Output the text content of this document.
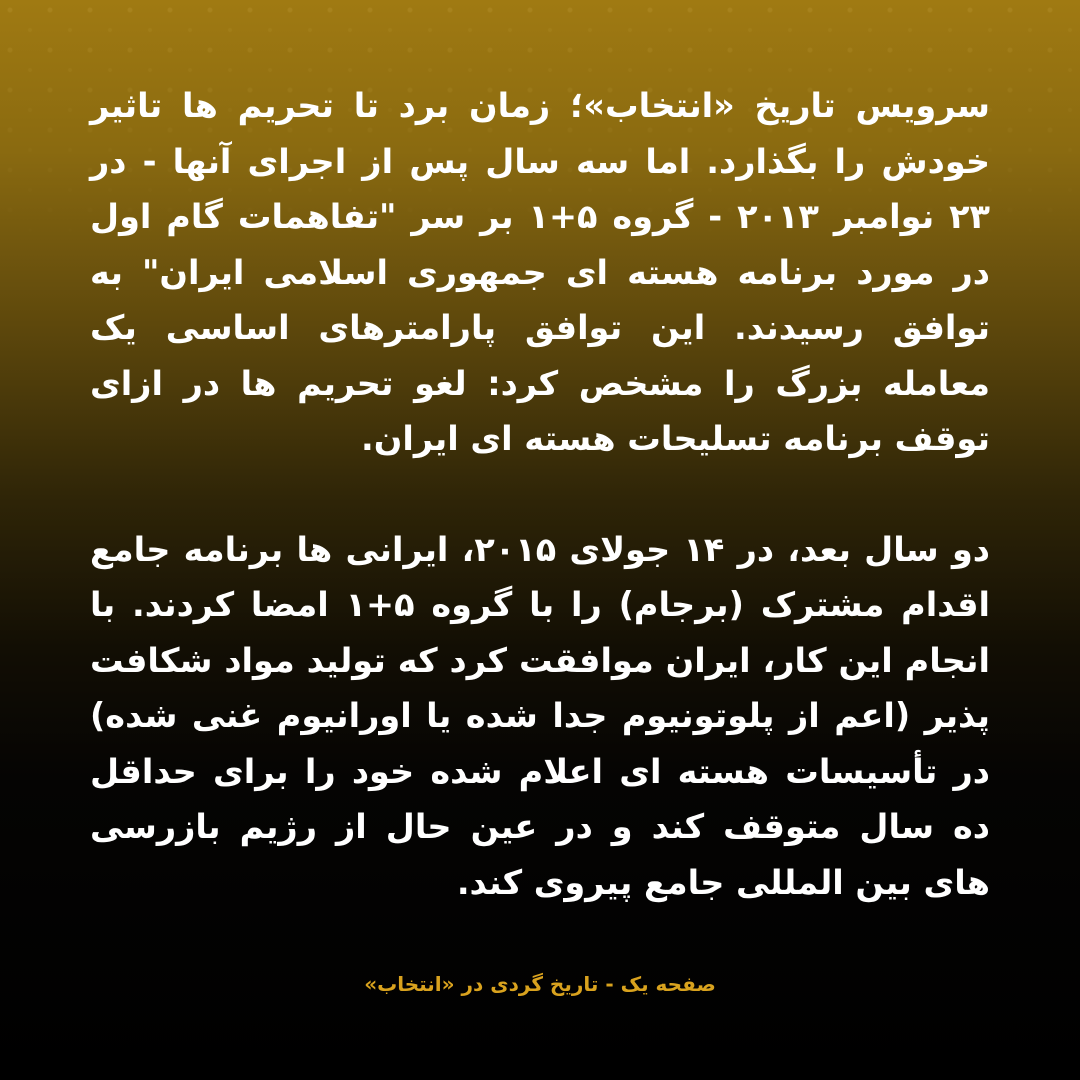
سرویس تاریخ «انتخاب»؛ زمان برد تا تحریم ها تاثیر خودش را بگذارد. اما سه سال پس از اجرای آنها - در ۲۳ نوامبر ۲۰۱۳ - گروه ۵+۱ بر سر "تفاهمات گام اول در مورد برنامه هسته ای جمهوری اسلامی ایران" به توافق رسیدند. این توافق پارامترهای اساسی یک معامله بزرگ را مشخص کرد: لغو تحریم ها در ازای توقف برنامه تسلیحات هسته ای ایران.

دو سال بعد، در ۱۴ جولای ۲۰۱۵، ایرانی ها برنامه جامع اقدام مشترک (برجام) را با گروه ۵+۱ امضا کردند. با انجام این کار، ایران موافقت کرد که تولید مواد شکافت پذیر (اعم از پلوتونیوم جدا شده یا اورانیوم غنی شده) در تأسیسات هسته ای اعلام شده خود را برای حداقل ده سال متوقف کند و در عین حال از رژیم بازرسی های بین المللی جامع پیروی کند.

صفحه یک - تاریخ گردی در «انتخاب»
